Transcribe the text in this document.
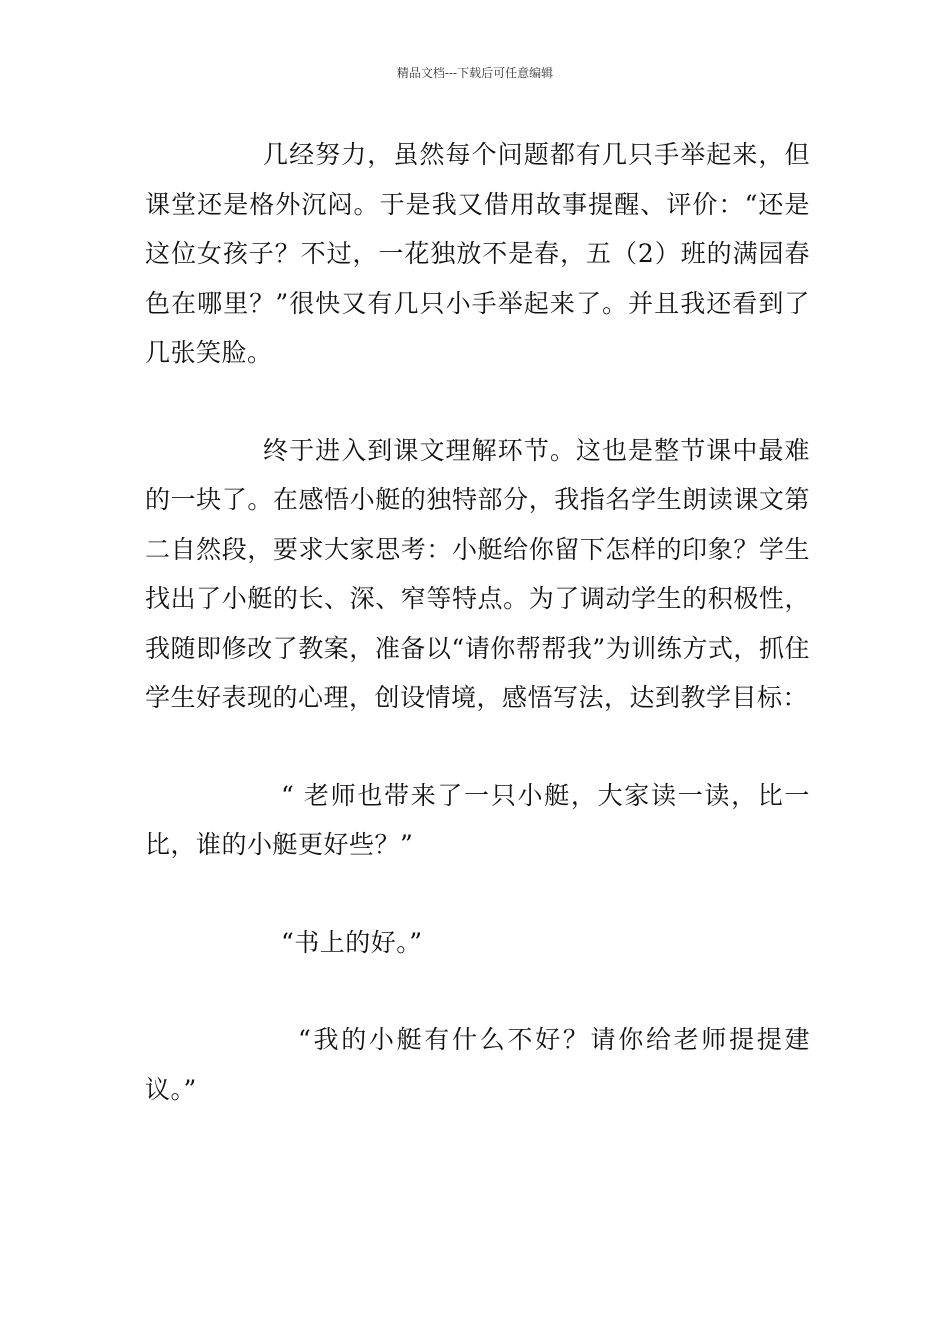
精品文档---下载后可任意编辑

几经努力，虽然每个问题都有几只手举起来，但课堂还是格外沉闷。于是我又借用故事提醒、评价：“还是这位女孩子？不过，一花独放不是春，五（2）班的满园春色在哪里？”很快又有几只小手举起来了。并且我还看到了几张笑脸。

终于进入到课文理解环节。这也是整节课中最难的一块了。在感悟小艇的独特部分，我指名学生朗读课文第二自然段，要求大家思考：小艇给你留下怎样的印象？学生找出了小艇的长、深、窄等特点。为了调动学生的积极性，我随即修改了教案，准备以“请你帮帮我”为训练方式，抓住学生好表现的心理，创设情境，感悟写法，达到教学目标：

“ 老师也带来了一只小艇，大家读一读，比一比，谁的小艇更好些？”

“书上的好。”

“我的小艇有什么不好？请你给老师提提建议。”
